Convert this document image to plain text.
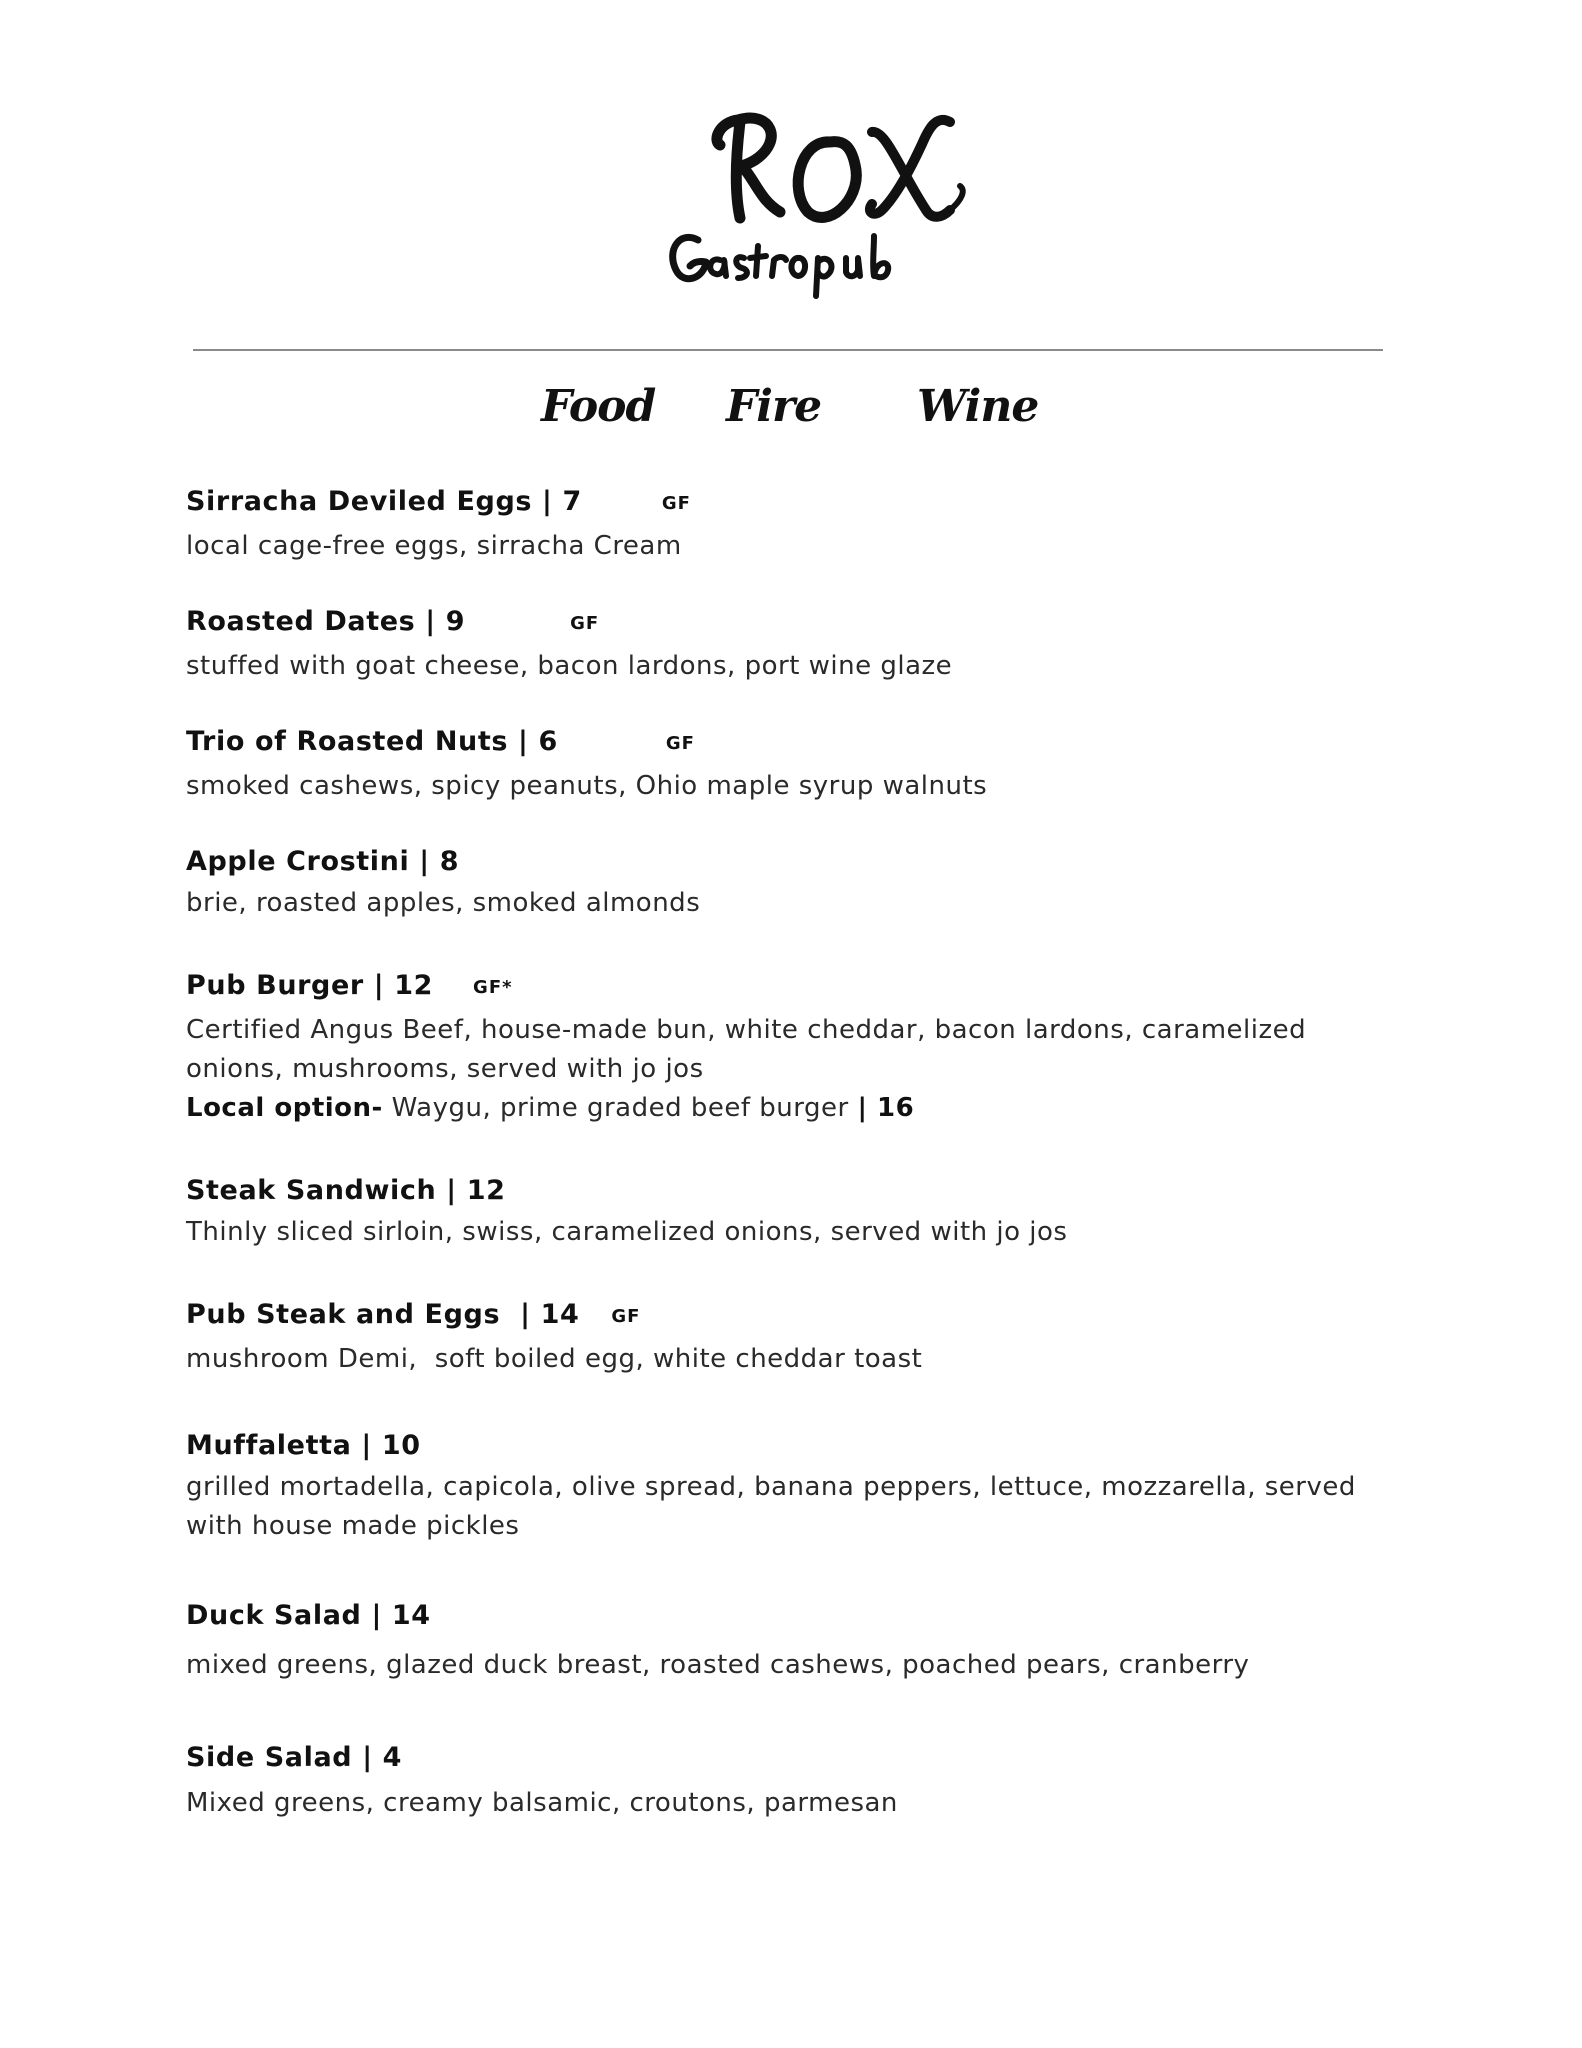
Food Fire Wine
Sirracha Deviled Eggs | 7	GF
local cage-free eggs, sirracha Cream
Roasted Dates | 9	GF
stuffed with goat cheese, bacon lardons, port wine glaze
Trio of Roasted Nuts | 6	GF
smoked cashews, spicy peanuts, Ohio maple syrup walnuts
Apple Crostini | 8
brie, roasted apples, smoked almonds
Pub Burger | 12 GF*
Certified Angus Beef, house-made bun, white cheddar, bacon lardons, caramelized onions, mushrooms, served with jo jos
Local option- Waygu, prime graded beef burger | 16
Steak Sandwich | 12
Thinly sliced sirloin, swiss, caramelized onions, served with jo jos
Pub Steak and Eggs  | 14 GF
mushroom Demi,  soft boiled egg, white cheddar toast
Muffaletta | 10
grilled mortadella, capicola, olive spread, banana peppers, lettuce, mozzarella, served with house made pickles
Duck Salad | 14
mixed greens, glazed duck breast, roasted cashews, poached pears, cranberry
Side Salad | 4
Mixed greens, creamy balsamic, croutons, parmesan
